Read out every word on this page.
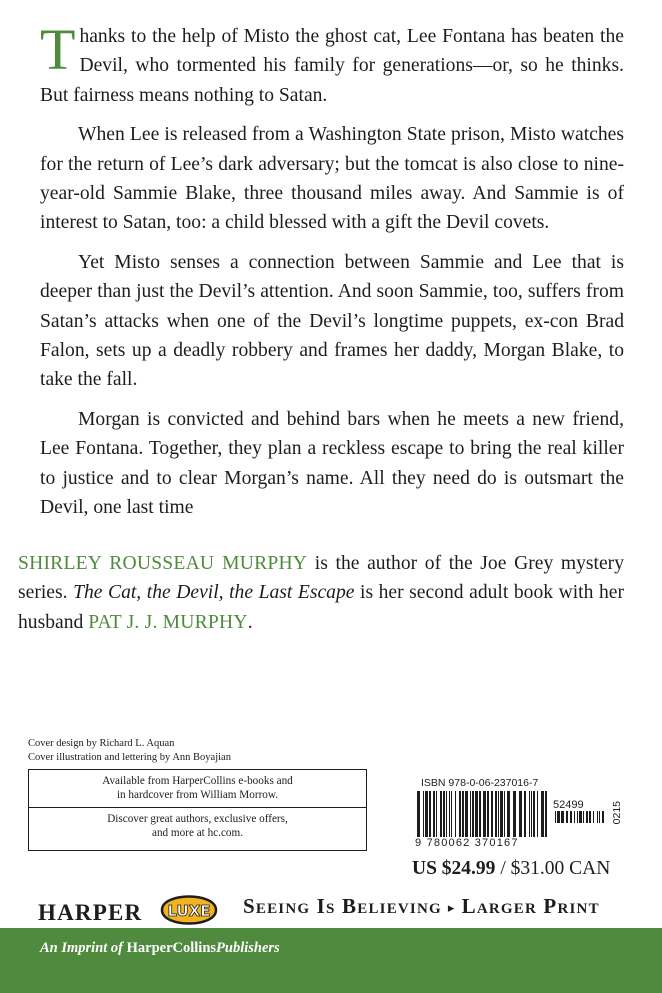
Thanks to the help of Misto the ghost cat, Lee Fontana has beaten the Devil, who tormented his family for generations—or, so he thinks. But fairness means nothing to Satan.

When Lee is released from a Washington State prison, Misto watches for the return of Lee’s dark adversary; but the tomcat is also close to nine-year-old Sammie Blake, three thousand miles away. And Sammie is of interest to Satan, too: a child blessed with a gift the Devil covets.

Yet Misto senses a connection between Sammie and Lee that is deeper than just the Devil’s attention. And soon Sammie, too, suffers from Satan’s attacks when one of the Devil’s longtime puppets, ex-con Brad Falon, sets up a deadly robbery and frames her daddy, Morgan Blake, to take the fall.

Morgan is convicted and behind bars when he meets a new friend, Lee Fontana. Together, they plan a reckless escape to bring the real killer to justice and to clear Morgan’s name. All they need do is outsmart the Devil, one last time

SHIRLEY ROUSSEAU MURPHY is the author of the Joe Grey mystery series. The Cat, the Devil, the Last Escape is her second adult book with her husband PAT J. J. MURPHY.

Cover design by Richard L. Aquan
Cover illustration and lettering by Ann Boyajian
Available from HarperCollins e-books and
in hardcover from William Morrow.
Discover great authors, exclusive offers,
and more at hc.com.
ISBN 978-0-06-237016-7
52499	0215
9 780062 370167
US $24.99 / $31.00 CAN
HARPER LUXE Seeing Is Believing ▸ Larger Print
An Imprint of HarperCollinsPublishers
